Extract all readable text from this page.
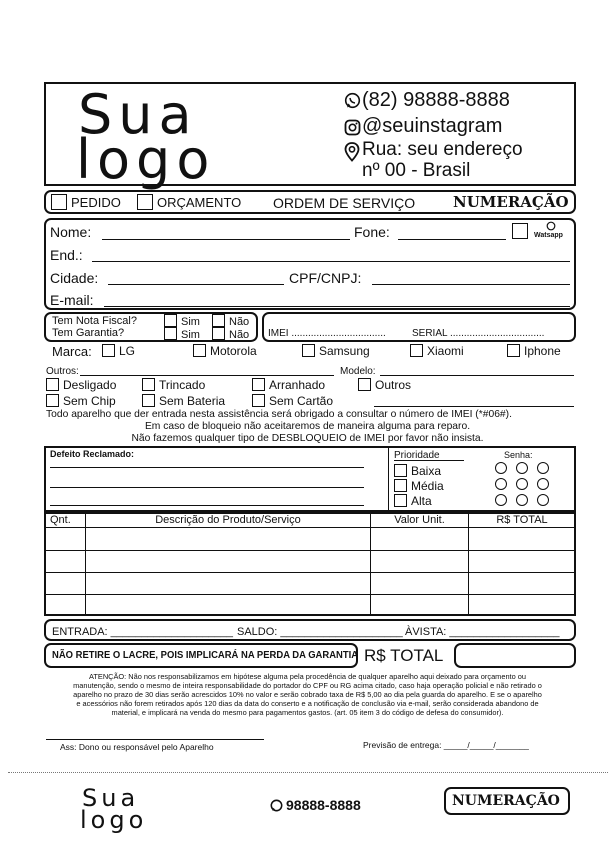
Sua
logo
(82) 98888-8888
@seuinstagram
Rua: seu endereço
nº 00 - Brasil
PEDIDO	ORÇAMENTO ORDEM DE SERVIÇO	NUMERAÇÃO
Nome:	Fone:	Watsapp
End.:
Cidade:	CPF/CNPJ:
E-mail:
Tem Nota Fiscal?
Tem Garantia?
Sim	Não
Sim	Não IMEI ..................................	SERIAL ..................................
Marca:	LG	Motorola	Samsung	Xiaomi	Iphone
Outros:	Modelo:
Desligado	Trincado	Arranhado	Outros
Sem Chip	Sem Bateria	Sem Cartão
Todo aparelho que der entrada nesta assistência será obrigado a consultar o número de IMEI (*#06#).
Em caso de bloqueio não aceitaremos de maneira alguma para reparo.
Não fazemos qualquer tipo de DESBLOQUEIO de IMEI por favor não insista.
Defeito Reclamado:	Prioridade
Baixa
Média
Alta
Senha:
Qnt.	Descrição do Produto/Serviço	Valor Unit.	R$ TOTAL
ENTRADA: ____________________ SALDO: ____________________ ÀVISTA: __________________
NÃO RETIRE O LACRE, POIS IMPLICARÁ NA PERDA DA GARANTIA R$ TOTAL
ATENÇÃO: Não nos responsabilizamos em hipótese alguma pela procedência de qualquer aparelho aqui deixado para orçamento ou
manutenção, sendo o mesmo de inteira responsabilidade do portador do CPF ou RG acima citado, caso haja operação policial e não retirado o
aparelho no prazo de 30 dias serão acrescidos 10% no valor e serão cobrado taxa de R$ 5,00 ao dia pela guarda do aparelho. E se o aparelho
e acessórios não forem retirados após 120 dias da data do conserto e a notificação de conclusão via e-mail, serão considerada abandono de
material, e implicará na venda do mesmo para pagamentos gastos. (art. 05 item 3 do código de defesa do consumidor).
Ass: Dono ou responsável pelo Aparelho	Previsão de entrega: _____/_____/_______
Sua
logo
98888-8888	NUMERAÇÃO
